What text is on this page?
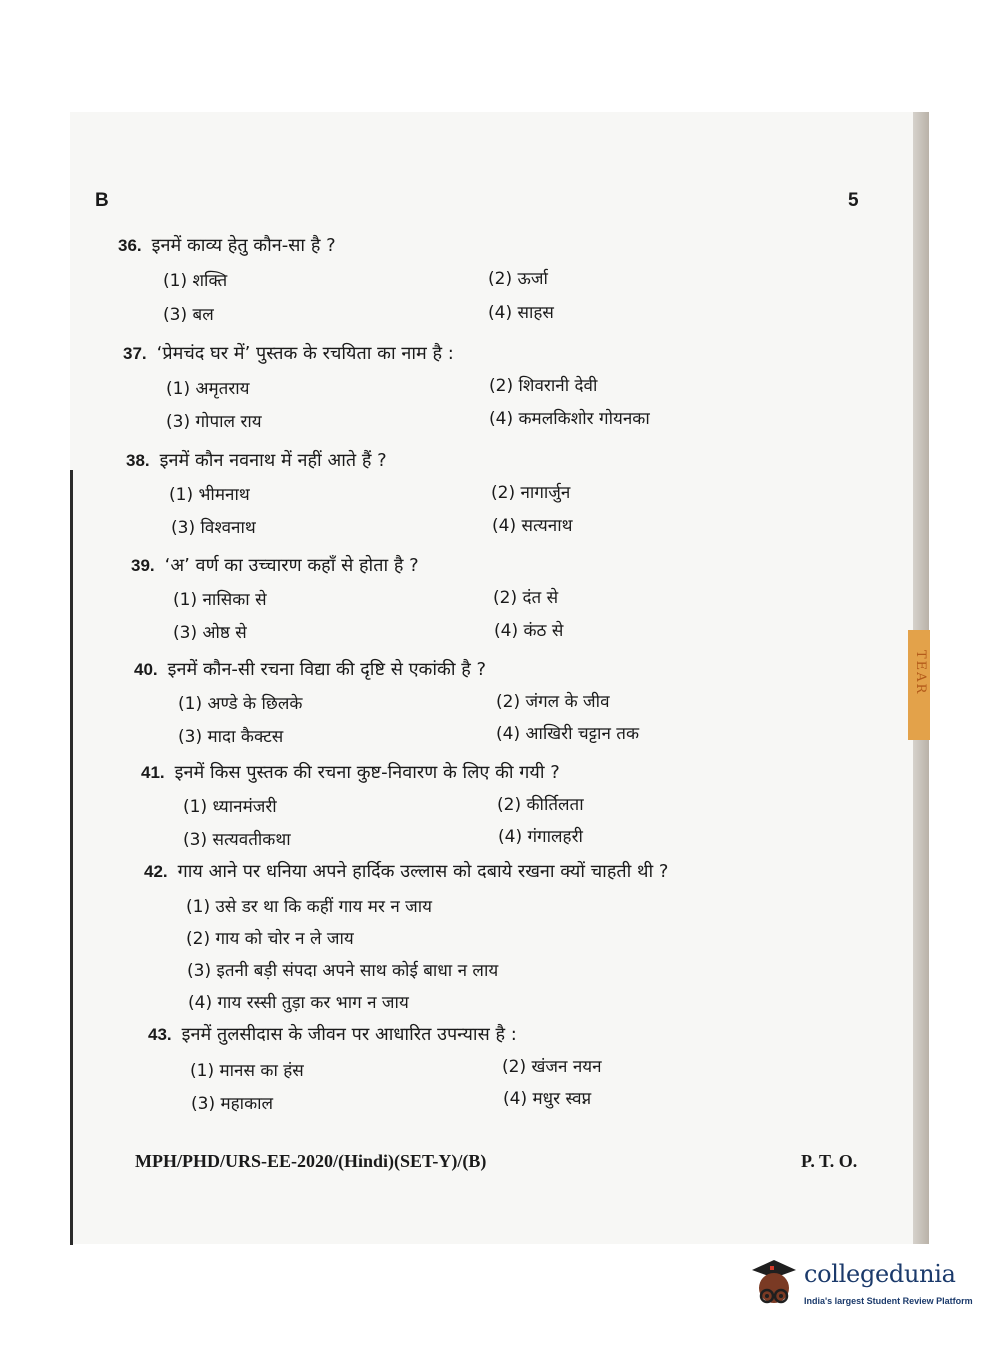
TEAR
B	5
36. इनमें काव्य हेतु कौन-सा है ?
(1) शक्ति	(2) ऊर्जा
(3) बल	(4) साहस
37. ‘प्रेमचंद घर में’ पुस्तक के रचयिता का नाम है :
(1) अमृतराय	(2) शिवरानी देवी
(3) गोपाल राय	(4) कमलकिशोर गोयनका
38. इनमें कौन नवनाथ में नहीं आते हैं ?
(1) भीमनाथ	(2) नागार्जुन
(3) विश्वनाथ	(4) सत्यनाथ
39. ‘अ’ वर्ण का उच्चारण कहाँ से होता है ?
(1) नासिका से	(2) दंत से
(3) ओष्ठ से	(4) कंठ से
40. इनमें कौन-सी रचना विद्या की दृष्टि से एकांकी है ?
(1) अण्डे के छिलके	(2) जंगल के जीव
(3) मादा कैक्टस	(4) आखिरी चट्टान तक
41. इनमें किस पुस्तक की रचना कुष्ट-निवारण के लिए की गयी ?
(1) ध्यानमंजरी	(2) कीर्तिलता
(3) सत्यवतीकथा	(4) गंगालहरी
42. गाय आने पर धनिया अपने हार्दिक उल्लास को दबाये रखना क्यों चाहती थी ?
(1) उसे डर था कि कहीं गाय मर न जाय
(2) गाय को चोर न ले जाय
(3) इतनी बड़ी संपदा अपने साथ कोई बाधा न लाय
(4) गाय रस्सी तुड़ा कर भाग न जाय
43. इनमें तुलसीदास के जीवन पर आधारित उपन्यास है :
(1) मानस का हंस	(2) खंजन नयन
(3) महाकाल	(4) मधुर स्वप्न
MPH/PHD/URS-EE-2020/(Hindi)(SET-Y)/(B)	P. T. O.
collegedunia
India's largest Student Review Platform
